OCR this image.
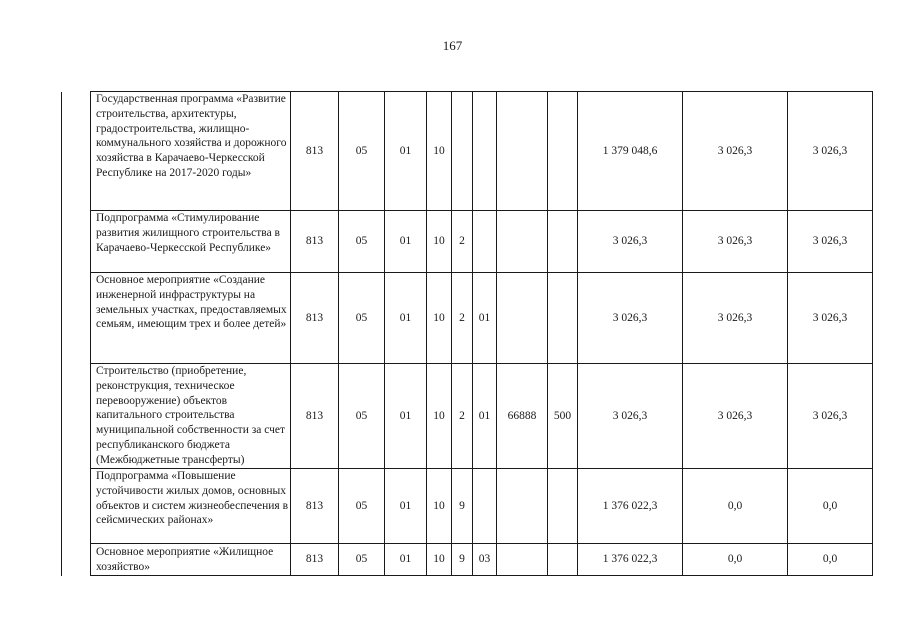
167
	Государственная программа «Развитие строительства, архитектуры, градостроительства, жилищно-коммунального хозяйства и дорожного хозяйства в Карачаево-Черкесской Республике на 2017-2020 годы»	813	05	01	10					1 379 048,6	3 026,3	3 026,3
	Подпрограмма «Стимулирование развития жилищного строительства в Карачаево-Черкесской Республике»	813	05	01	10	2				3 026,3	3 026,3	3 026,3
	Основное мероприятие «Создание инженерной инфраструктуры на земельных участках, предоставляемых семьям, имеющим трех и более детей»	813	05	01	10	2	01			3 026,3	3 026,3	3 026,3
	Строительство (приобретение, реконструкция, техническое перевооружение) объектов капитального строительства муниципальной собственности за счет республиканского бюджета (Межбюджетные трансферты)	813	05	01	10	2	01	66888	500	3 026,3	3 026,3	3 026,3
	Подпрограмма «Повышение устойчивости жилых домов, основных объектов и систем жизнеобеспечения в сейсмических районах»	813	05	01	10	9				1 376 022,3	0,0	0,0
	Основное мероприятие «Жилищное хозяйство»	813	05	01	10	9	03			1 376 022,3	0,0	0,0
